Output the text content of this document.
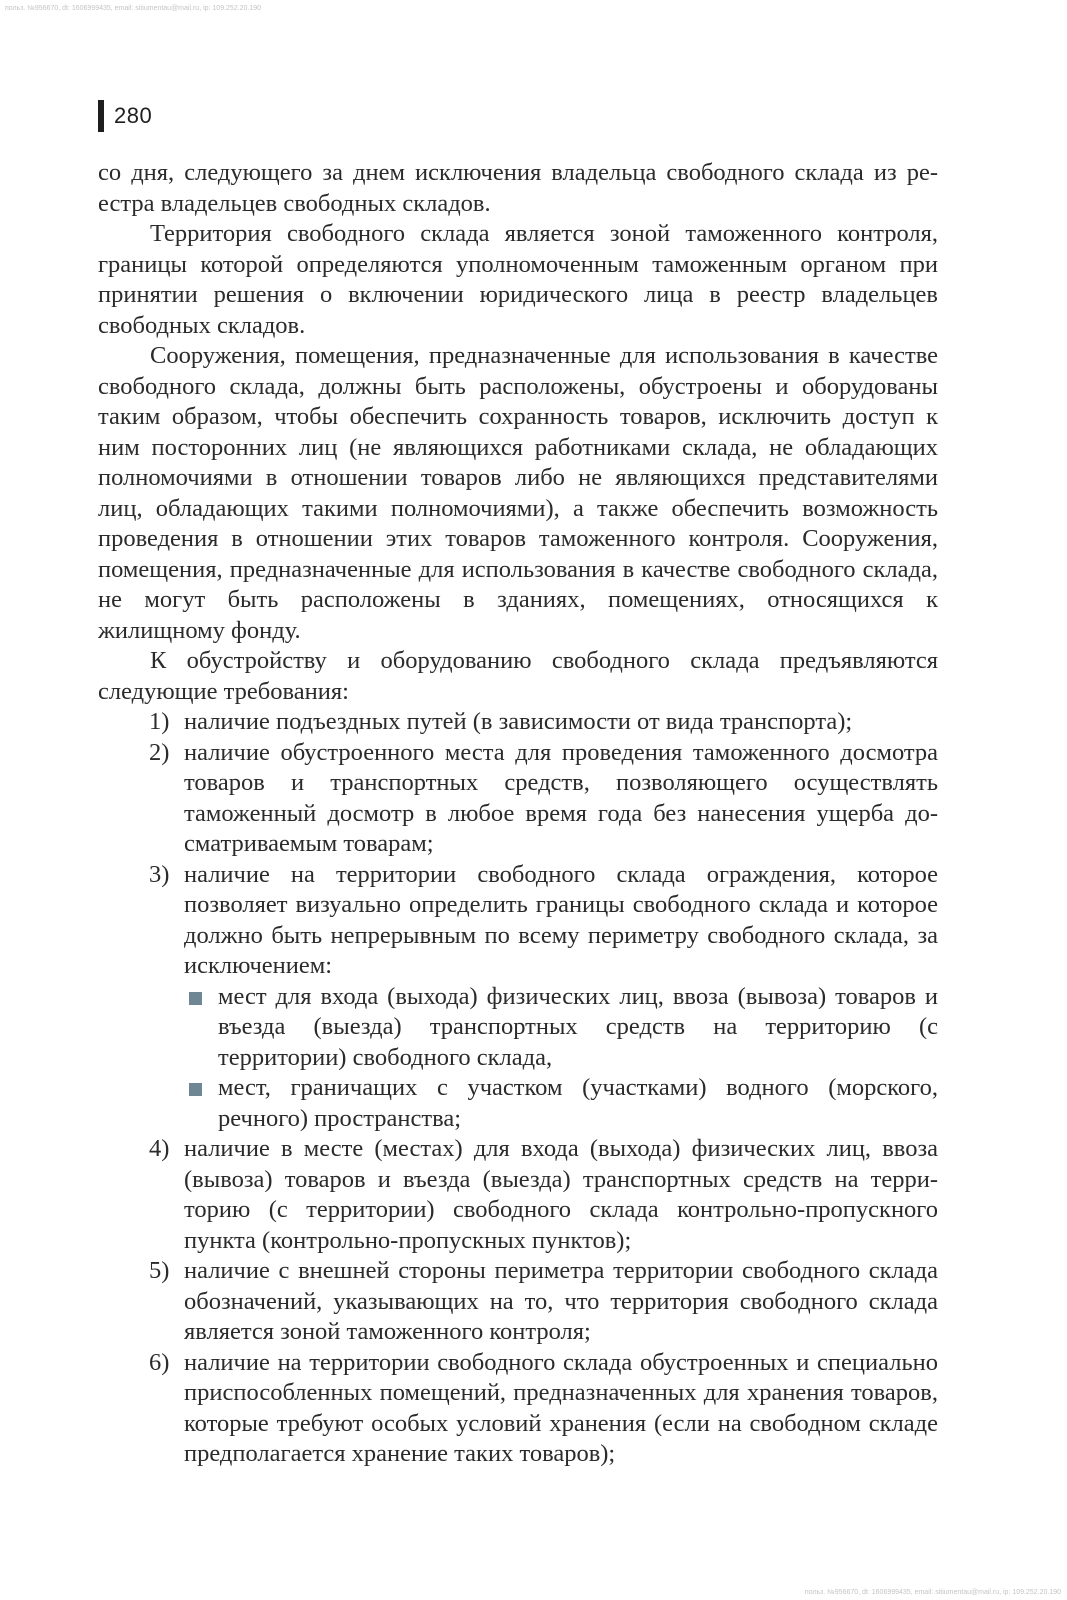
польз. №956670, dt: 1606999435, email: sitiumentau@mail.ru, ip: 109.252.20.190
280

со дня, следующего за днем исключения владельца свободного склада из реестра владельцев свободных складов.

Территория свободного склада является зоной таможенного контроля, границы которой определяются уполномоченным таможенным органом при принятии решения о включении юридического лица в реестр владельцев свободных складов.

Сооружения, помещения, предназначенные для использования в качестве свободного склада, должны быть расположены, обустроены и оборудованы таким образом, чтобы обеспечить сохранность товаров, исключить доступ к ним посторонних лиц (не являющихся работниками склада, не обладающих полномочиями в отношении товаров либо не являющихся представителями лиц, обладающих такими полномочиями), а также обеспечить возможность проведения в отношении этих товаров таможенного контроля. Сооружения, помещения, предназначенные для использования в качестве свободного склада, не могут быть расположены в зданиях, помещениях, относящихся к жилищному фонду.

К обустройству и оборудованию свободного склада предъявляются следующие требования:

1) наличие подъездных путей (в зависимости от вида транспорта);
2) наличие обустроенного места для проведения таможенного досмотра товаров и транспортных средств, позволяющего осуществлять таможенный досмотр в любое время года без нанесения ущерба досматриваемым товарам;
3) наличие на территории свободного склада ограждения, которое позволяет визуально определить границы свободного склада и которое должно быть непрерывным по всему периметру свободного склада, за исключением:
мест для входа (выхода) физических лиц, ввоза (вывоза) товаров и въезда (выезда) транспортных средств на территорию (с территории) свободного склада,
мест, граничащих с участком (участками) водного (морского, речного) пространства;
4) наличие в месте (местах) для входа (выхода) физических лиц, ввоза (вывоза) товаров и въезда (выезда) транспортных средств на территорию (с территории) свободного склада контрольно-пропускного пункта (контрольно-пропускных пунктов);
5) наличие с внешней стороны периметра территории свободного склада обозначений, указывающих на то, что территория свободного склада является зоной таможенного контроля;
6) наличие на территории свободного склада обустроенных и специально приспособленных помещений, предназначенных для хранения товаров, которые требуют особых условий хранения (если на свободном складе предполагается хранение таких товаров);
польз. №956670, dt: 1606999435, email: sitiumentau@mail.ru, ip: 109.252.20.190
